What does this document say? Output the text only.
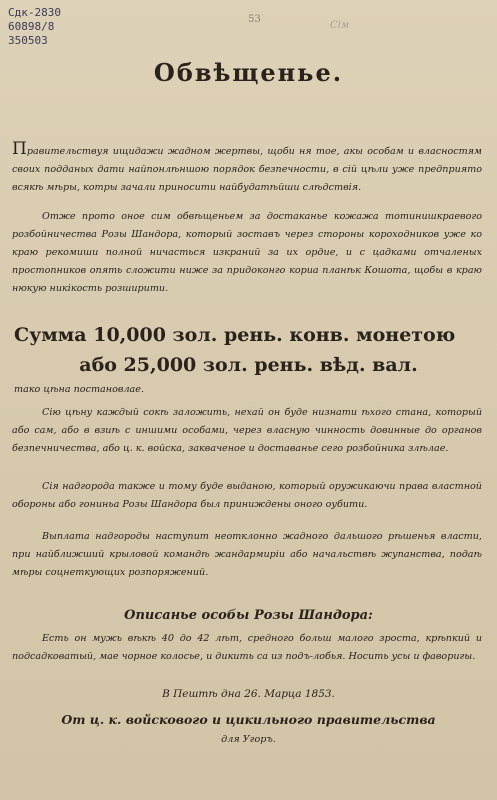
Сдк-2830
60898/8
350503
53
Сім
Обвѣщенье.
Правительствуя ищидажи жадном жертвы, щоби ня тое, акы особам и власностям своих подданых дати найпонлѣншою порядок безпечности, в сій цѣли уже предприято всякѣ мѣры, котры зачали приносити найбудатѣйши слѣдствія.
Отже прото оное сим обвѣщеньем за достаканье кожажа тотинишкраевого розбойничества Розы Шандора, который зоставъ через стороны короходников уже ко краю рекомиши полной ничасться изкраний за их ордие, и с цадками отчаленых простопников опять сложити ниже за придоконго кориа планѣк Кошота, щобы в краю нюкую никікость розширити.
Сумма 10,000 зол. рень. конв. монетою
або 25,000 зол. рень. вѣд. вал.
тако цѣна постановлае.
Сію цѣну каждый сокѣ заложить, нехай он буде низнати ѣхого стана, который або сам, або в взиѣ с иншими особами, через власную чинность довинные до органов безпечничества, або ц. к. войска, закваченое и доставанье сего розбойника злѣлае.
Сія надгорода также и тому буде выданою, который оружикаючи права властной обороны або гониньа Розы Шандора был приниждены оного оубити.
Выплата надгороды наступит неотклонно жадного дальшого рѣшенья власти, при найближший крыловой командѣ жандармиріи або начальствѣ жупанства, подаѣ мѣры соцнеткующих розпоряжений.
Описанье особы Розы Шандора:
Есть он мужь вѣкѣ 40 до 42 лѣт, средного больш малого зроста, крѣпкий и подсадковатый, мае чорное колосье, и дикить са из подъ-лобья. Носить усы и фаворигы.
В Пештѣ дна 26. Марца 1853.
От ц. к. войскового и цикильного правительства
для Угоръ.
